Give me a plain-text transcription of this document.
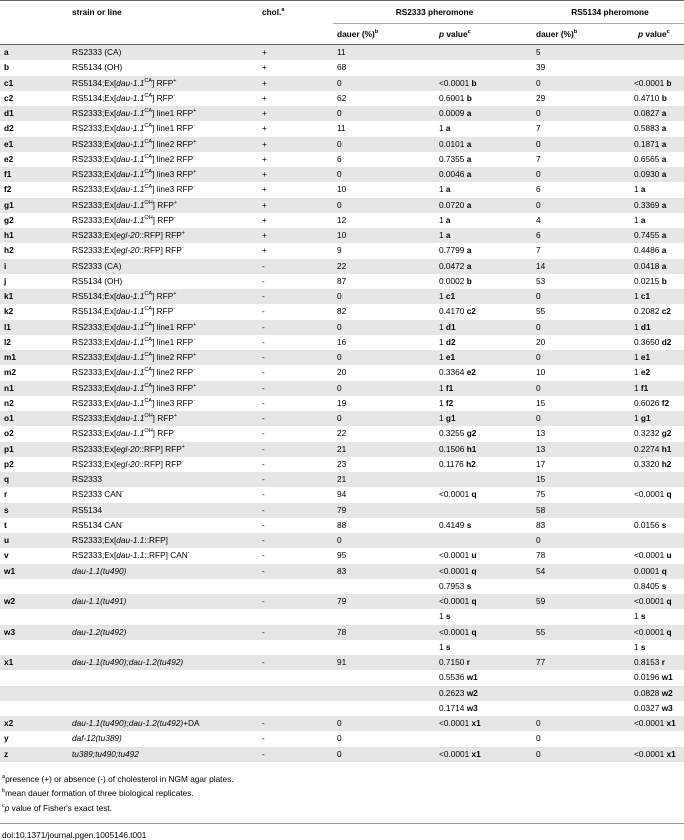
	strain or line	chol.$^a$	RS2333 pheromone		RS5134 pheromone	
			dauer (%)$^b$	p value$^c$	dauer (%)$^b$	p value$^c$
a	RS2333 (CA)	+	11		5	
b	RS5134 (OH)	+	68		39	
c1	$RS5134;Ex[dau-1.1^{CA}]$ RFP+	+	0	<0.0001 b	0	<0.0001 b
c2	$RS5134;Ex[dau-1.1^{CA}]$ RFP-	+	62	0.6001 b	29	0.4710 b
d1	$RS2333;Ex[dau-1.1^{CA}]$ line1 RFP+	+	0	0.0009 a	0	0.0827 a
d2	$RS2333;Ex[dau-1.1^{CA}]$ line1 RFP-	+	11	1 a	7	0.5883 a
e1	$RS2333;Ex[dau-1.1^{CA}]$ line2 RFP+	+	0	0.0101 a	0	0.1871 a
e2	$RS2333;Ex[dau-1.1^{CA}]$ line2 RFP-	+	6	0.7355 a	7	0.6565 a
f1	$RS2333;Ex[dau-1.1^{CA}]$ line3 RFP+	+	0	0.0046 a	0	0.0930 a
f2	$RS2333;Ex[dau-1.1^{CA}]$ line3 RFP-	+	10	1 a	6	1 a
g1	$RS2333;Ex[dau-1.1^{OH}]$ RFP+	+	0	0.0720 a	0	0.3369 a
g2	$RS2333;Ex[dau-1.1^{OH}]$ RFP-	+	12	1 a	4	1 a
h1	RS2333;Ex[egl-20::RFP] RFP+	+	10	1 a	6	0.7455 a
h2	RS2333;Ex[egl-20::RFP] RFP-	+	9	0.7799 a	7	0.4486 a
i	RS2333 (CA)	-	22	0.0472 a	14	0.0418 a
j	RS5134 (OH)	-	87	0.0002 b	53	0.0215 b
k1	$RS5134;Ex[dau-1.1^{CA}]$ RFP+	-	0	1 c1	0	1 c1
k2	$RS5134;Ex[dau-1.1^{CA}]$ RFP-	-	82	0.4170 c2	55	0.2082 c2
l1	$RS2333;Ex[dau-1.1^{CA}]$ line1 RFP+	-	0	1 d1	0	1 d1
l2	$RS2333;Ex[dau-1.1^{CA}]$ line1 RFP-	-	16	1 d2	20	0.3650 d2
m1	$RS2333;Ex[dau-1.1^{CA}]$ line2 RFP+	-	0	1 e1	0	1 e1
m2	$RS2333;Ex[dau-1.1^{CA}]$ line2 RFP-	-	20	0.3364 e2	10	1 e2
n1	$RS2333;Ex[dau-1.1^{CA}]$ line3 RFP+	-	0	1 f1	0	1 f1
n2	$RS2333;Ex[dau-1.1^{CA}]$ line3 RFP-	-	19	1 f2	15	0.6026 f2
o1	$RS2333;Ex[dau-1.1^{OH}]$ RFP+	-	0	1 g1	0	1 g1
o2	$RS2333;Ex[dau-1.1^{OH}]$ RFP-	-	22	0.3255 g2	13	0.3232 g2
p1	RS2333;Ex[egl-20::RFP] RFP+	-	21	0.1506 h1	13	0.2274 h1
p2	RS2333;Ex[egl-20::RFP] RFP-	-	23	0.1176 h2	17	0.3320 h2
q	RS2333	-	21		15	
r	RS2333 CAN-	-	94	<0.0001 q	75	<0.0001 q
s	RS5134	-	79		58	
t	RS5134 CAN-	-	88	0.4149 s	83	0.0156 s
u	RS2333;Ex[dau-1.1::RFP]	-	0		0	
v	RS2333;Ex[dau-1.1::RFP] CAN-	-	95	<0.0001 u	78	<0.0001 u
w1	dau-1.1(tu490)	-	83	<0.0001 q	54	0.0001 q
				0.7953 s		0.8405 s
w2	dau-1.1(tu491)	-	79	<0.0001 q	59	<0.0001 q
				1 s		1 s
w3	dau-1.2(tu492)	-	78	<0.0001 q	55	<0.0001 q
				1 s		1 s
x1	dau-1.1(tu490);dau-1.2(tu492)	-	91	0.7150 r	77	0.8153 r
				0.5536 w1		0.0196 w1
				0.2623 w2		0.0828 w2
				0.1714 w3		0.0327 w3
x2	dau-1.1(tu490);dau-1.2(tu492)+DA	-	0	<0.0001 x1	0	<0.0001 x1
y	daf-12(tu389)	-	0		0	
z	tu389;tu490;tu492	-	0	<0.0001 x1	0	<0.0001 x1
$^a$presence (+) or absence (-) of cholesterol in NGM agar plates.
$^b$mean dauer formation of three biological replicates.
$^c$p value of Fisher's exact test.
doi:10.1371/journal.pgen.1005146.t001
